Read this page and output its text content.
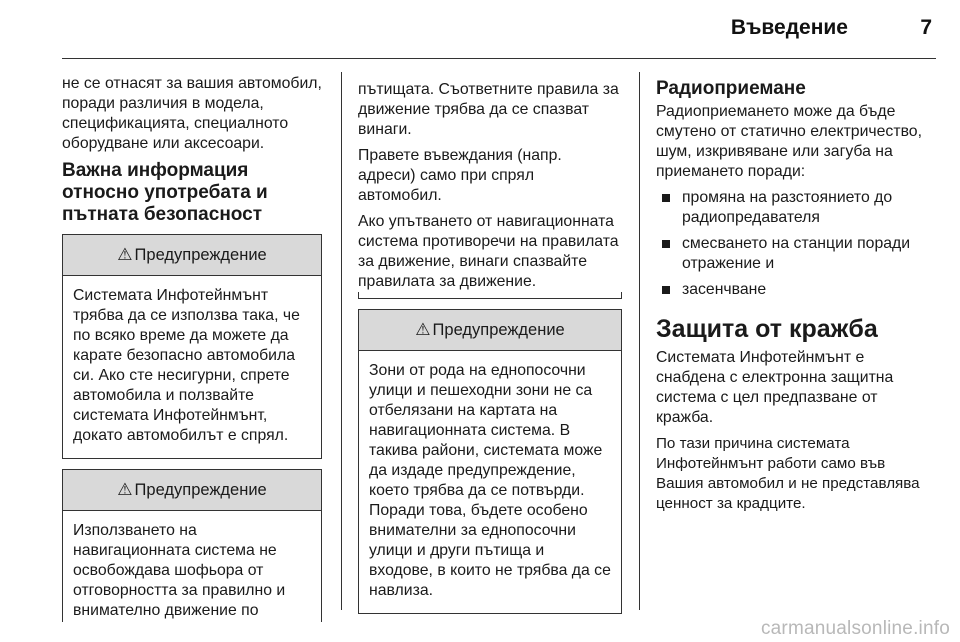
Въведение	7

не се отнасят за вашия автомобил, поради различия в модела, спецификацията, специалното оборудване или аксесоари.

Важна информация относно употребата и пътната безопасност
⚠ Предупреждение

Системата Инфотейнмънт трябва да се използва така, че по всяко време да можете да карате безопасно автомобила си. Ако сте несигурни, спрете автомобила и ползвайте системата Инфотейнмънт, докато автомобилът е спрял.

⚠ Предупреждение

Използването на навигационната система не освобождава шофьора от отговорността за правилно и внимателно движение по

пътищата. Съответните правила за движение трябва да се спазват винаги.

Правете въвеждания (напр. адреси) само при спрял автомобил.

Ако упътването от навигационната система противоречи на правилата за движение, винаги спазвайте правилата за движение.

⚠ Предупреждение

Зони от рода на еднопосочни улици и пешеходни зони не са отбелязани на картата на навигационната система. В такива райони, системата може да издаде предупреждение, което трябва да се потвърди. Поради това, бъдете особено внимателни за еднопосочни улици и други пътища и входове, в които не трябва да се навлиза.

Радиоприемане

Радиоприемането може да бъде смутено от статично електричество, шум, изкривяване или загуба на приемането поради:

промяна на разстоянието до радиопредавателя
смесването на станции поради отражение и
засенчване
Защита от кражба

Системата Инфотейнмънт е снабдена с електронна защитна система с цел предпазване от кражба.

По тази причина системата Инфотейнмънт работи само във Вашия автомобил и не представлява ценност за крадците.

carmanualsonline.info
